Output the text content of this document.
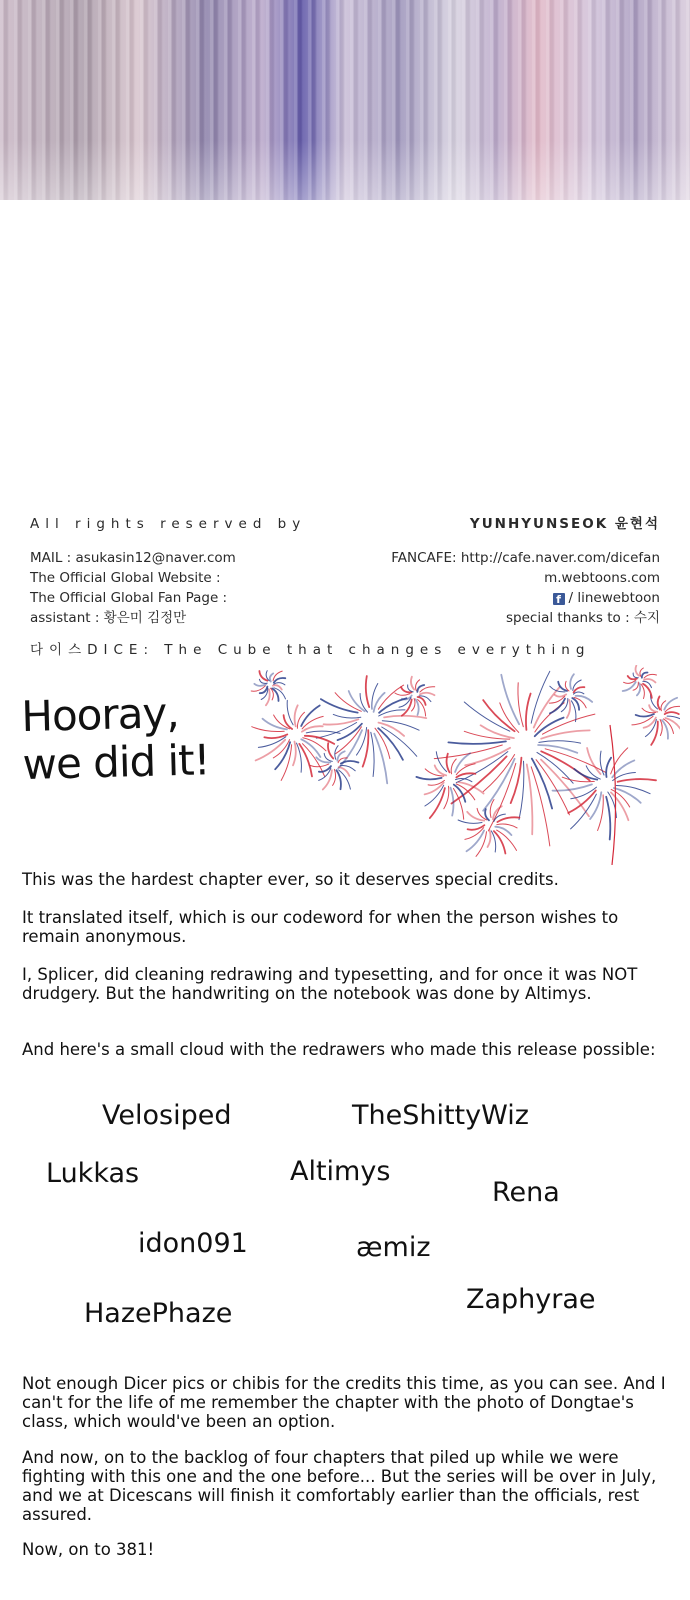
All rights reserved by	YUNHYUNSEOK 윤현석
MAIL : asukasin12@naver.com	FANCAFE: http://cafe.naver.com/dicefan
The Official Global Website :	m.webtoons.com
The Official Global Fan Page :	f / linewebtoon
assistant : 황은미 김정만	special thanks to : 수지
다이스DICE: The Cube that changes everything
Hooray,
we did it!

This was the hardest chapter ever, so it deserves special credits.

It translated itself, which is our codeword for when the person wishes to remain anonymous.

I, Splicer, did cleaning redrawing and typesetting, and for once it was NOT drudgery. But the handwriting on the notebook was done by Altimys.

And here's a small cloud with the redrawers who made this release possible:

Velosiped	TheShittyWiz
Lukkas	Altimys
Rena
idon091	æmiz
Zaphyrae
HazePhaze

Not enough Dicer pics or chibis for the credits this time, as you can see. And I can't for the life of me remember the chapter with the photo of Dongtae's class, which would've been an option.

And now, on to the backlog of four chapters that piled up while we were fighting with this one and the one before... But the series will be over in July, and we at Dicescans will finish it comfortably earlier than the officials, rest assured.

Now, on to 381!
